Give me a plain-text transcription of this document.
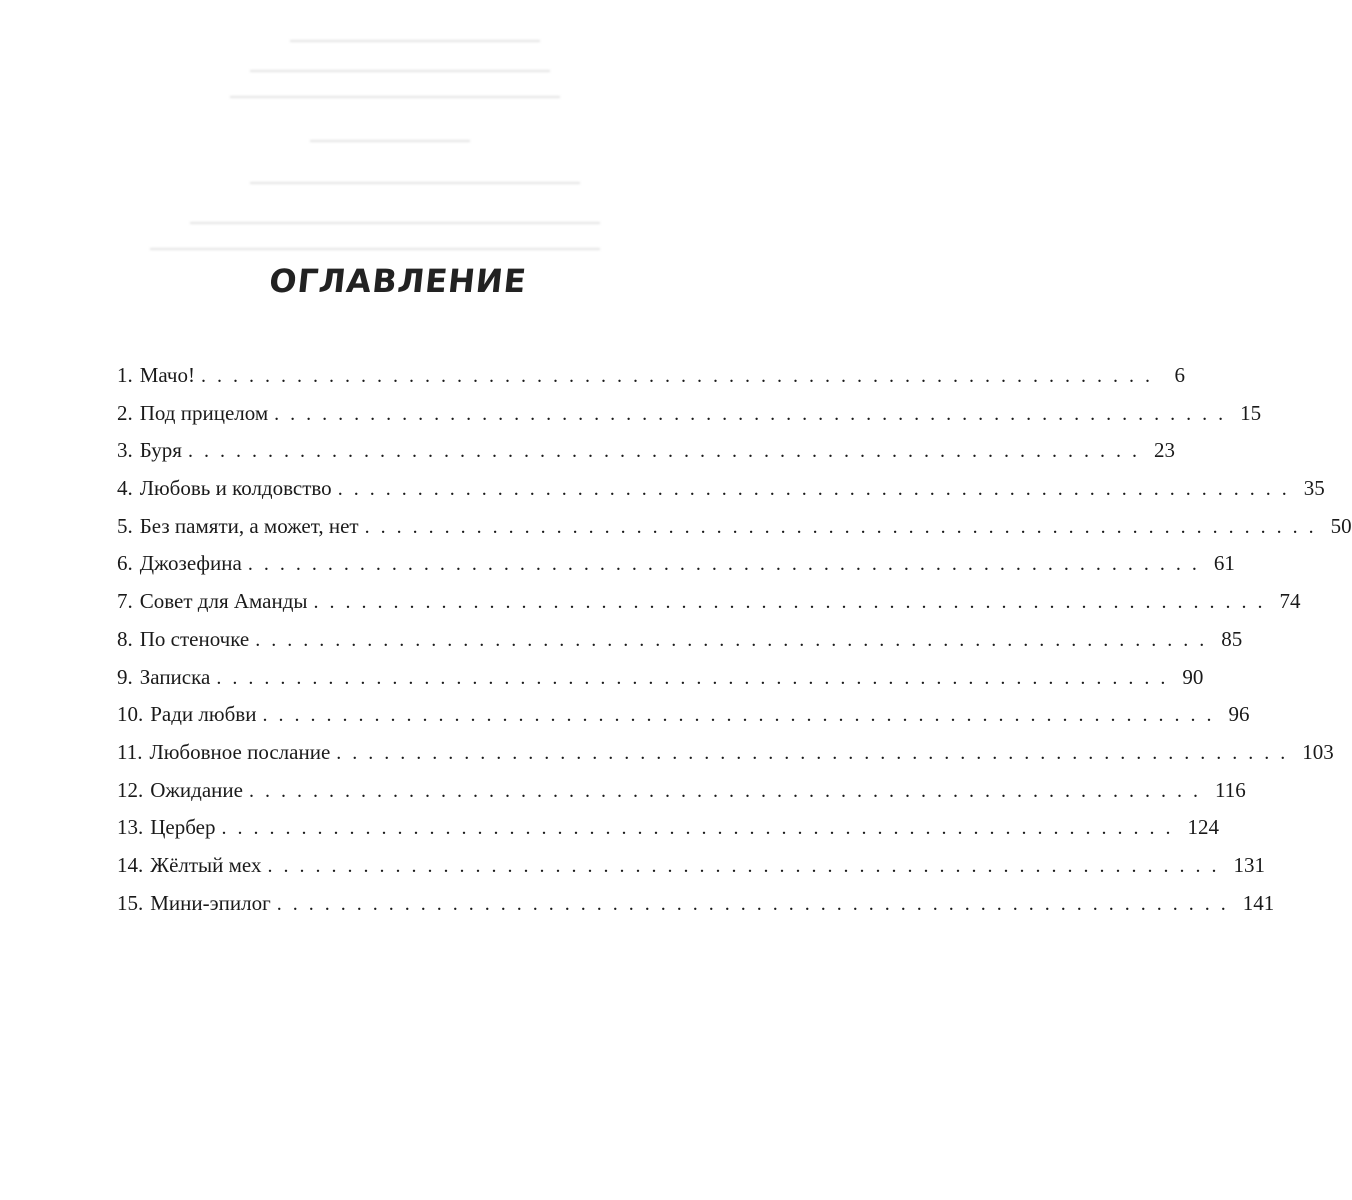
ОГЛАВЛЕНИЕ
1. Мачо! ............................................................ 6
2. Под прицелом ............................................................ 15
3. Буря ............................................................ 23
4. Любовь и колдовство ............................................................ 35
5. Без памяти, а может, нет ............................................................ 50
6. Джозефина ............................................................ 61
7. Совет для Аманды ............................................................ 74
8. По стеночке ............................................................ 85
9. Записка ............................................................ 90
10. Ради любви ............................................................ 96
11. Любовное послание ............................................................ 103
12. Ожидание ............................................................ 116
13. Цербер ............................................................ 124
14. Жёлтый мех ............................................................ 131
15. Мини-эпилог ............................................................ 141
